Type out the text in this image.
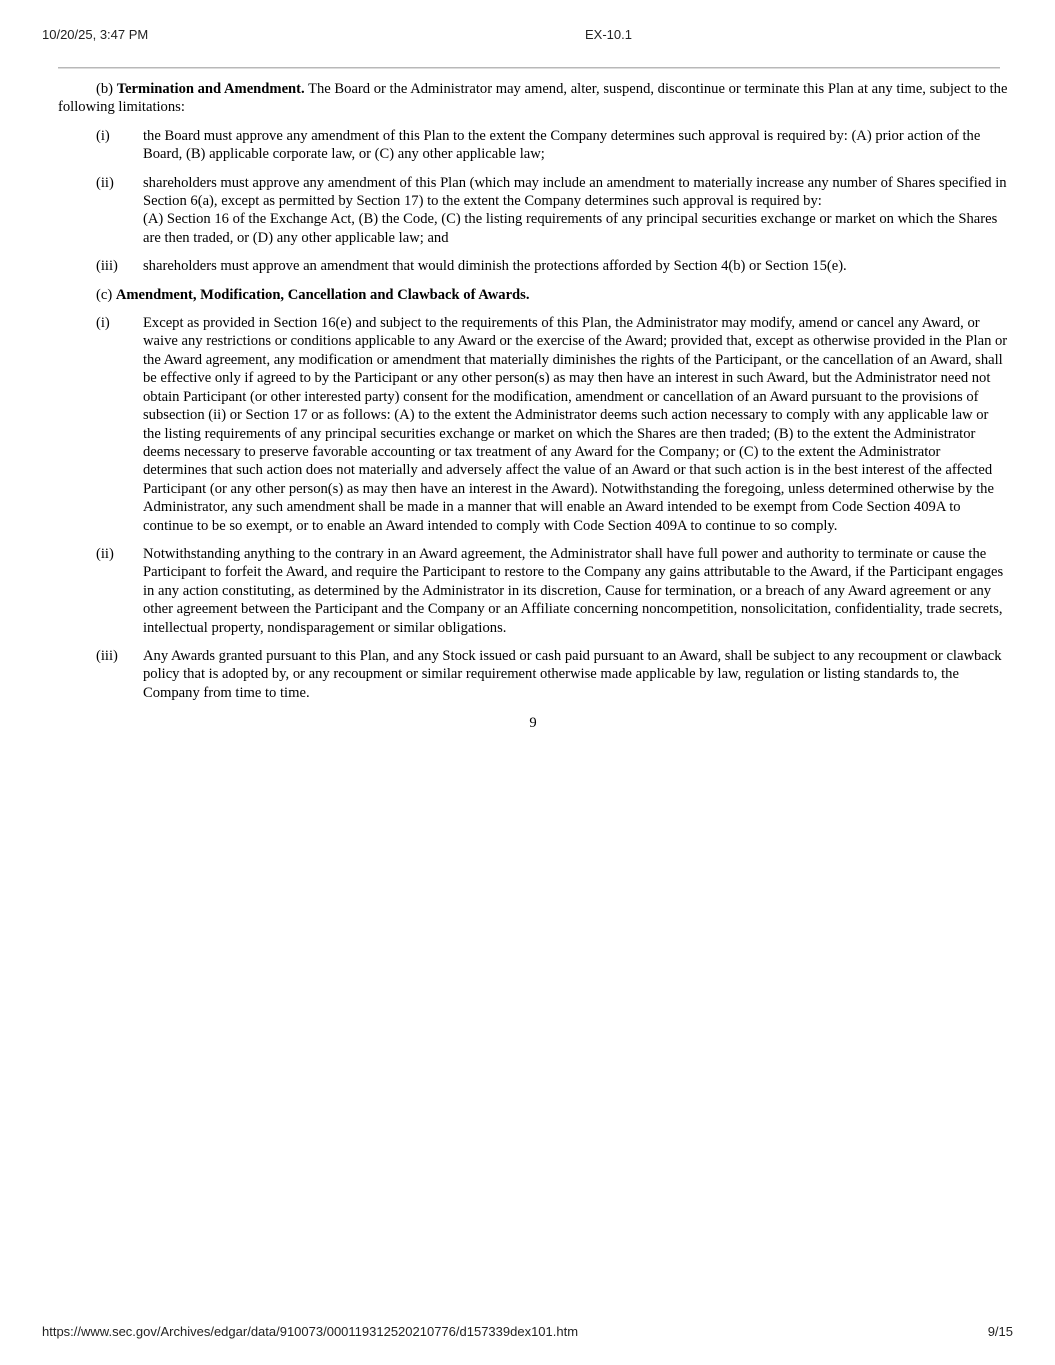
10/20/25, 3:47 PM	EX-10.1

(b) Termination and Amendment. The Board or the Administrator may amend, alter, suspend, discontinue or terminate this Plan at any time, subject to the following limitations:

(i)	the Board must approve any amendment of this Plan to the extent the Company determines such approval is required by: (A) prior action of the Board, (B) applicable corporate law, or (C) any other applicable law;
(ii)	shareholders must approve any amendment of this Plan (which may include an amendment to materially increase any number of Shares specified in Section 6(a), except as permitted by Section 17) to the extent the Company determines such approval is required by:
(A) Section 16 of the Exchange Act, (B) the Code, (C) the listing requirements of any principal securities exchange or market on which the Shares are then traded, or (D) any other applicable law; and
(iii)	shareholders must approve an amendment that would diminish the protections afforded by Section 4(b) or Section 15(e).

(c) Amendment, Modification, Cancellation and Clawback of Awards.

(i)	Except as provided in Section 16(e) and subject to the requirements of this Plan, the Administrator may modify, amend or cancel any Award, or waive any restrictions or conditions applicable to any Award or the exercise of the Award; provided that, except as otherwise provided in the Plan or the Award agreement, any modification or amendment that materially diminishes the rights of the Participant, or the cancellation of an Award, shall be effective only if agreed to by the Participant or any other person(s) as may then have an interest in such Award, but the Administrator need not obtain Participant (or other interested party) consent for the modification, amendment or cancellation of an Award pursuant to the provisions of subsection (ii) or Section 17 or as follows: (A) to the extent the Administrator deems such action necessary to comply with any applicable law or the listing requirements of any principal securities exchange or market on which the Shares are then traded; (B) to the extent the Administrator deems necessary to preserve favorable accounting or tax treatment of any Award for the Company; or (C) to the extent the Administrator determines that such action does not materially and adversely affect the value of an Award or that such action is in the best interest of the affected Participant (or any other person(s) as may then have an interest in the Award). Notwithstanding the foregoing, unless determined otherwise by the Administrator, any such amendment shall be made in a manner that will enable an Award intended to be exempt from Code Section 409A to continue to be so exempt, or to enable an Award intended to comply with Code Section 409A to continue to so comply.
(ii)	Notwithstanding anything to the contrary in an Award agreement, the Administrator shall have full power and authority to terminate or cause the Participant to forfeit the Award, and require the Participant to restore to the Company any gains attributable to the Award, if the Participant engages in any action constituting, as determined by the Administrator in its discretion, Cause for termination, or a breach of any Award agreement or any other agreement between the Participant and the Company or an Affiliate concerning noncompetition, nonsolicitation, confidentiality, trade secrets, intellectual property, nondisparagement or similar obligations.
(iii)	Any Awards granted pursuant to this Plan, and any Stock issued or cash paid pursuant to an Award, shall be subject to any recoupment or clawback policy that is adopted by, or any recoupment or similar requirement otherwise made applicable by law, regulation or listing standards to, the Company from time to time.
9
https://www.sec.gov/Archives/edgar/data/910073/000119312520210776/d157339dex101.htm	9/15
